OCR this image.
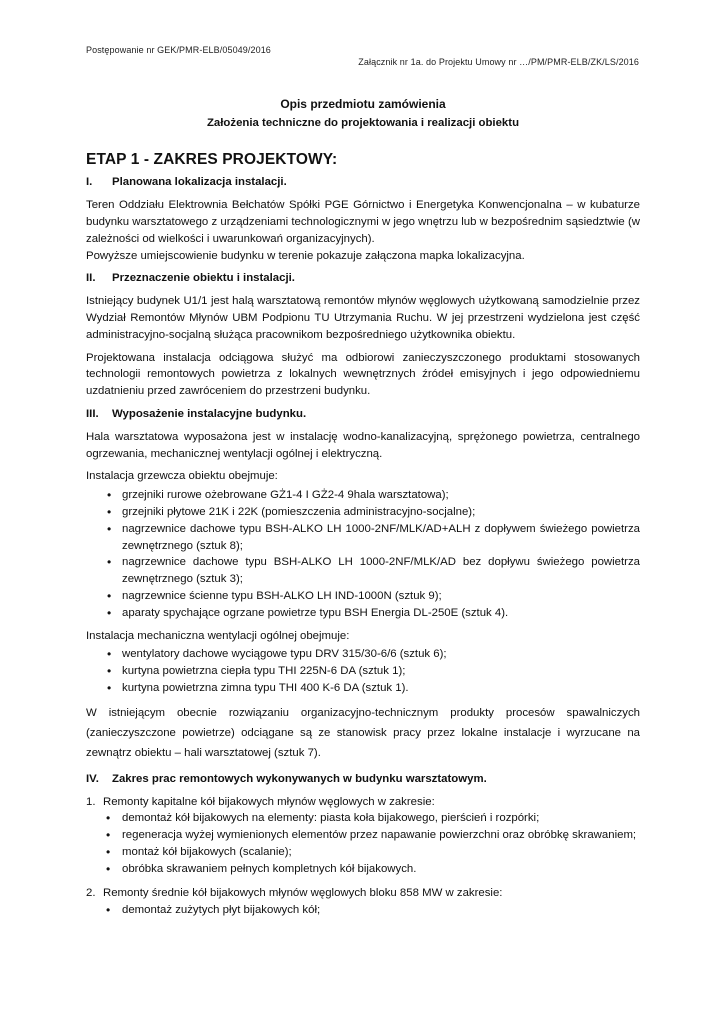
Postępowanie nr GEK/PMR-ELB/05049/2016
Załącznik nr 1a. do Projektu Umowy nr …/PM/PMR-ELB/ZK/LS/2016

Opis przedmiotu zamówienia

Założenia techniczne do projektowania i realizacji obiektu

ETAP 1 - ZAKRES PROJEKTOWY:
I.	Planowana lokalizacja instalacji.

Teren Oddziału Elektrownia Bełchatów Spółki PGE Górnictwo i Energetyka Konwencjonalna – w kubaturze budynku warsztatowego z urządzeniami technologicznymi w jego wnętrzu lub w bezpośrednim sąsiedztwie (w zależności od wielkości i uwarunkowań organizacyjnych).

Powyższe umiejscowienie budynku w terenie pokazuje załączona mapka lokalizacyjna.

II.	Przeznaczenie obiektu i instalacji.

Istniejący budynek U1/1 jest halą warsztatową remontów młynów węglowych użytkowaną samodzielnie przez Wydział Remontów Młynów UBM Podpionu TU Utrzymania Ruchu. W jej przestrzeni wydzielona jest część administracyjno-socjalną służąca pracownikom bezpośredniego użytkownika obiektu.

Projektowana instalacja odciągowa służyć ma odbiorowi zanieczyszczonego produktami stosowanych technologii remontowych powietrza z lokalnych wewnętrznych źródeł emisyjnych i jego odpowiedniemu uzdatnieniu przed zawróceniem do przestrzeni budynku.

III.	Wyposażenie instalacyjne budynku.

Hala warsztatowa wyposażona jest w instalację wodno-kanalizacyjną, sprężonego powietrza, centralnego ogrzewania, mechanicznej wentylacji ogólnej i elektryczną.

Instalacja grzewcza obiektu obejmuje:

• grzejniki rurowe ożebrowane GŻ1-4 I GŻ2-4 9hala warsztatowa);
• grzejniki płytowe 21K i 22K (pomieszczenia administracyjno-socjalne);
• nagrzewnice dachowe typu BSH-ALKO LH 1000-2NF/MLK/AD+ALH z dopływem świeżego powietrza zewnętrznego (sztuk 8);
• nagrzewnice dachowe typu BSH-ALKO LH 1000-2NF/MLK/AD bez dopływu świeżego powietrza zewnętrznego (sztuk 3);
• nagrzewnice ścienne typu BSH-ALKO LH IND-1000N (sztuk 9);
• aparaty spychające ogrzane powietrze typu BSH Energia DL-250E (sztuk 4).

Instalacja mechaniczna wentylacji ogólnej obejmuje:

• wentylatory dachowe wyciągowe typu DRV 315/30-6/6 (sztuk 6);
• kurtyna powietrzna ciepła typu THI 225N-6 DA (sztuk 1);
• kurtyna powietrzna zimna typu THI 400 K-6 DA (sztuk 1).

W istniejącym obecnie rozwiązaniu organizacyjno-technicznym produkty procesów spawalniczych (zanieczyszczone powietrze) odciągane są ze stanowisk pracy przez lokalne instalacje i wyrzucane na zewnątrz obiektu – hali warsztatowej (sztuk 7).

IV.	Zakres prac remontowych wykonywanych w budynku warsztatowym.
1. Remonty kapitalne kół bijakowych młynów węglowych w zakresie:
• demontaż kół bijakowych na elementy: piasta koła bijakowego, pierścień i rozpórki;
• regeneracja wyżej wymienionych elementów przez napawanie powierzchni oraz obróbkę skrawaniem;
• montaż kół bijakowych (scalanie);
• obróbka skrawaniem pełnych kompletnych kół bijakowych.
2. Remonty średnie kół bijakowych młynów węglowych bloku 858 MW w zakresie:
• demontaż zużytych płyt bijakowych kół;
